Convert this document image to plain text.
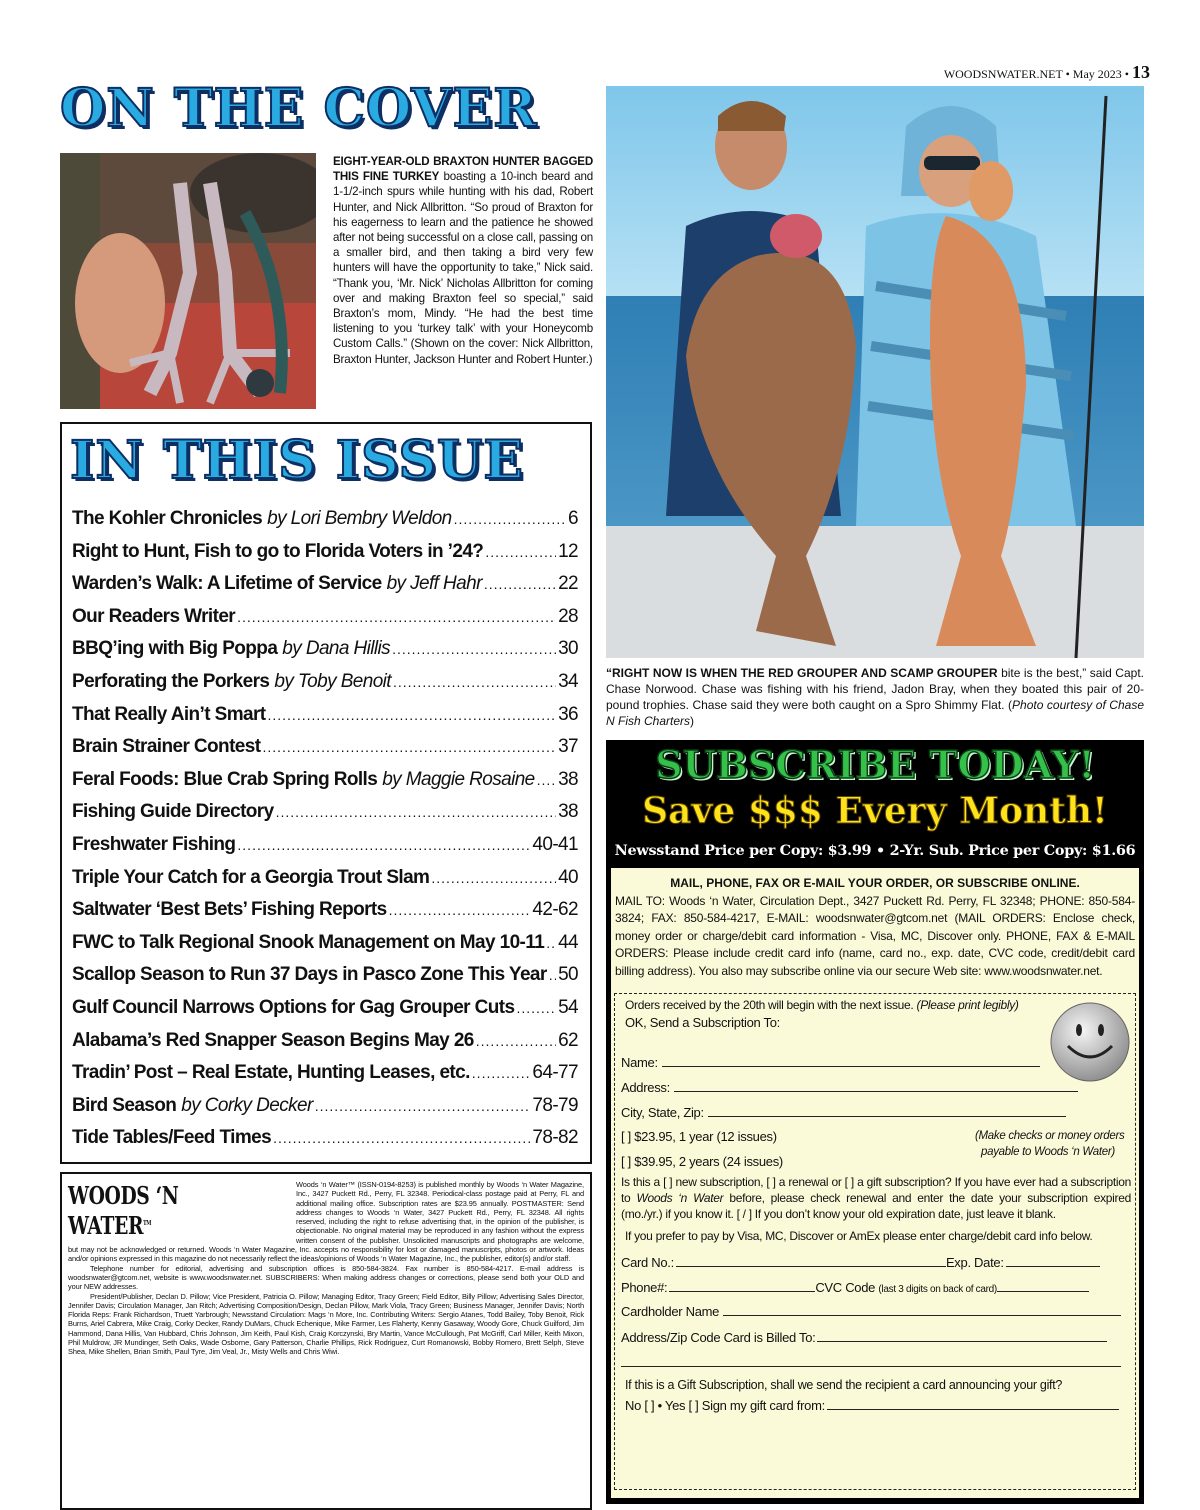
WOODSNWATER.NET • May 2023 • 13
ON THE COVER
EIGHT-YEAR-OLD BRAXTON HUNTER BAGGED THIS FINE TURKEY boasting a 10-inch beard and 1-1/2-inch spurs while hunting with his dad, Robert Hunter, and Nick Allbritton. “So proud of Braxton for his eagerness to learn and the patience he showed after not being successful on a close call, passing on a smaller bird, and then taking a bird very few hunters will have the opportunity to take,” Nick said. “Thank you, ‘Mr. Nick’ Nicholas Allbritton for coming over and making Braxton feel so special,” said Braxton’s mom, Mindy. “He had the best time listening to you ‘turkey talk’ with your Honeycomb Custom Calls.” (Shown on the cover: Nick Allbritton, Braxton Hunter, Jackson Hunter and Robert Hunter.)
IN THIS ISSUE
The Kohler Chronicles by Lori Bembry Weldon .....	6
Right to Hunt, Fish to go to Florida Voters in ’24? .....	12
Warden’s Walk: A Lifetime of Service by Jeff Hahr .....	22
Our Readers Writer .....	28
BBQ’ing with Big Poppa by Dana Hillis .....	30
Perforating the Porkers by Toby Benoit .....	34
That Really Ain’t Smart .....	36
Brain Strainer Contest .....	37
Feral Foods: Blue Crab Spring Rolls by Maggie Rosaine ..... 38
Fishing Guide Directory .....	38
Freshwater Fishing .....	40-41
Triple Your Catch for a Georgia Trout Slam .....	40
Saltwater ‘Best Bets’ Fishing Reports .....	42-62
FWC to Talk Regional Snook Management on May 10-11 ..... 44
Scallop Season to Run 37 Days in Pasco Zone This Year ..... 50
Gulf Council Narrows Options for Gag Grouper Cuts ..... 54
Alabama’s Red Snapper Season Begins May 26 .....	62
Tradin’ Post – Real Estate, Hunting Leases, etc. .....	64-77
Bird Season by Corky Decker .....	78-79
Tide Tables/Feed Times .....	78-82
WOODS ‘N WATER™

Woods ‘n Water™ (ISSN-0194-8253) is published monthly by Woods ‘n Water Magazine, Inc., 3427 Puckett Rd., Perry, FL 32348. Periodical-class postage paid at Perry, FL and additional mailing office. Subscription rates are $23.95 annually. POSTMASTER: Send address changes to Woods ‘n Water, 3427 Puckett Rd., Perry, FL 32348. All rights reserved, including the right to refuse advertising that, in the opinion of the publisher, is objectionable. No original material may be reproduced in any fashion without the express written consent of the publisher. Unsolicited manuscripts and photographs are welcome, but may not be acknowledged or returned. Woods ‘n Water Magazine, Inc. accepts no responsibility for lost or damaged manuscripts, photos or artwork. Ideas and/or opinions expressed in this magazine do not necessarily reflect the ideas/opinions of Woods ‘n Water Magazine, Inc., the publisher, editor(s) and/or staff.

Telephone number for editorial, advertising and subscription offices is 850-584-3824. Fax number is 850-584-4217. E-mail address is woodsnwater@gtcom.net, website is www.woodsnwater.net. SUBSCRIBERS: When making address changes or corrections, please send both your OLD and your NEW addresses.

President/Publisher, Declan D. Pillow; Vice President, Patricia O. Pillow; Managing Editor, Tracy Green; Field Editor, Billy Pillow; Advertising Sales Director, Jennifer Davis; Circulation Manager, Jan Ritch; Advertising Composition/Design, Declan Pillow, Mark Viola, Tracy Green; Business Manager, Jennifer Davis; North Florida Reps: Frank Richardson, Truett Yarbrough; Newsstand Circulation: Mags ‘n More, Inc. Contributing Writers: Sergio Atanes, Todd Bailey, Toby Benoit, Rick Burns, Ariel Cabrera, Mike Craig, Corky Decker, Randy DuMars, Chuck Echenique, Mike Farmer, Les Flaherty, Kenny Gasaway, Woody Gore, Chuck Guilford, Jim Hammond, Dana Hillis, Van Hubbard, Chris Johnson, Jim Keith, Paul Kish, Craig Korczynski, Bry Martin, Vance McCullough, Pat McGriff, Carl Miller, Keith Mixon, Phil Muldrow, JR Mundinger, Seth Oaks, Wade Osborne, Gary Patterson, Charlie Phillips, Rick Rodriguez, Curt Romanowski, Bobby Romero, Brett Selph, Steve Shea, Mike Shellen, Brian Smith, Paul Tyre, Jim Veal, Jr., Misty Wells and Chris Wiwi.

“RIGHT NOW IS WHEN THE RED GROUPER AND SCAMP GROUPER bite is the best,” said Capt. Chase Norwood. Chase was fishing with his friend, Jadon Bray, when they boated this pair of 20-pound trophies. Chase said they were both caught on a Spro Shimmy Flat. (Photo courtesy of Chase N Fish Charters)
SUBSCRIBE TODAY!
Save $$$ Every Month!
Newsstand Price per Copy: $3.99 • 2-Yr. Sub. Price per Copy: $1.66
MAIL, PHONE, FAX OR E-MAIL YOUR ORDER, OR SUBSCRIBE ONLINE.
MAIL TO: Woods ‘n Water, Circulation Dept., 3427 Puckett Rd. Perry, FL 32348; PHONE: 850-584-3824; FAX: 850-584-4217, E-MAIL: woodsnwater@gtcom.net (MAIL ORDERS: Enclose check, money order or charge/debit card information - Visa, MC, Discover only. PHONE, FAX & E-MAIL ORDERS: Please include credit card info (name, card no., exp. date, CVC code, credit/debit card billing address). You also may subscribe online via our secure Web site: www.woodsnwater.net.
Orders received by the 20th will begin with the next issue. (Please print legibly)
OK, Send a Subscription To:
Name:
Address:
City, State, Zip:
[ ] $23.95, 1 year (12 issues)
[ ] $39.95, 2 years (24 issues)
(Make checks or money orders
payable to Woods ‘n Water)
Is this a [ ] new subscription, [ ] a renewal or [ ] a gift subscription? If you have ever had a subscription to Woods ‘n Water before, please check renewal and enter the date your subscription expired (mo./yr.) if you know it. [ / ] If you don’t know your old expiration date, just leave it blank.
If you prefer to pay by Visa, MC, Discover or AmEx please enter charge/debit card info below.
Card No.:	Exp. Date:
Phone#:	CVC Code (last 3 digits on back of card)
Cardholder Name
Address/Zip Code Card is Billed To:
If this is a Gift Subscription, shall we send the recipient a card announcing your gift?
No [ ] • Yes [ ] Sign my gift card from:
